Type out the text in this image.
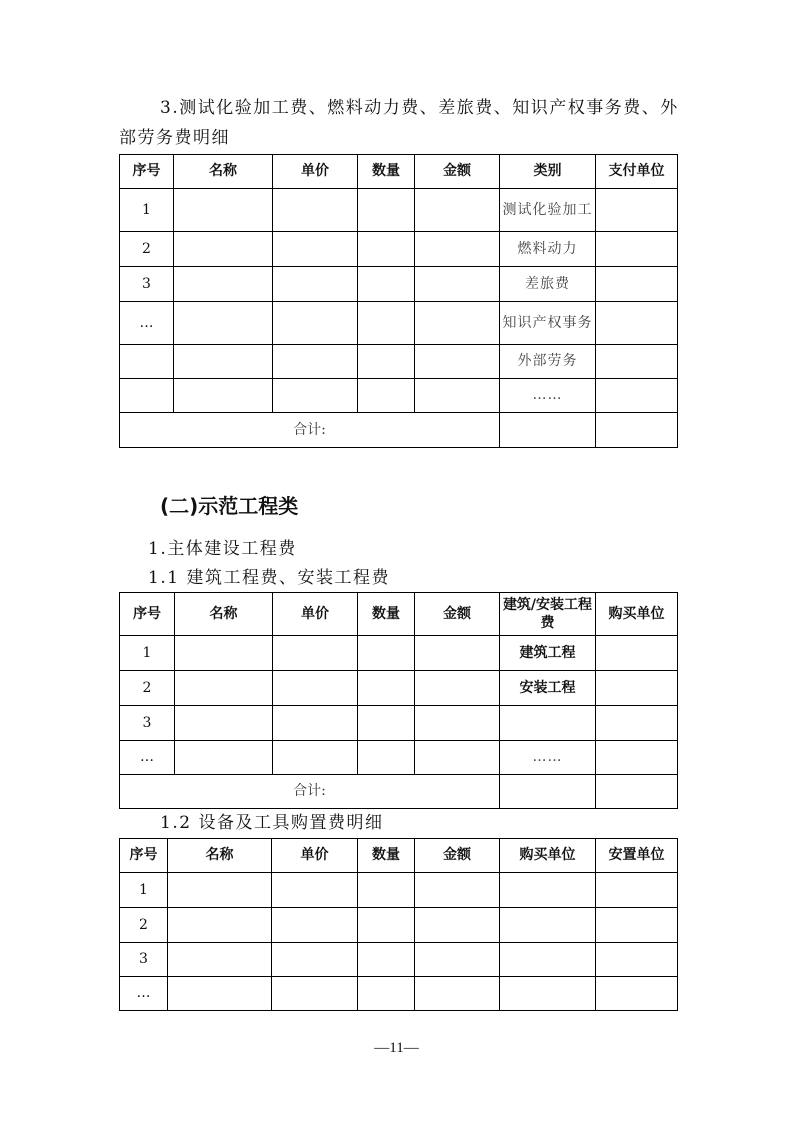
3.测试化验加工费、燃料动力费、差旅费、知识产权事务费、外
部劳务费明细
序号	名称	单价	数量	金额	类别	支付单位
1					测试化验加工	
2					燃料动力	
3					差旅费	
…					知识产权事务	
					外部劳务	
					……	
合计:						
(二)示范工程类
1.主体建设工程费
1.1 建筑工程费、安装工程费
序号	名称	单价	数量	金额	建筑/安装工程费	购买单位
1					建筑工程	
2					安装工程	
3						
…					……	
合计:						
1.2 设备及工具购置费明细
序号	名称	单价	数量	金额	购买单位	安置单位
1						
2						
3						
…						
—11—
